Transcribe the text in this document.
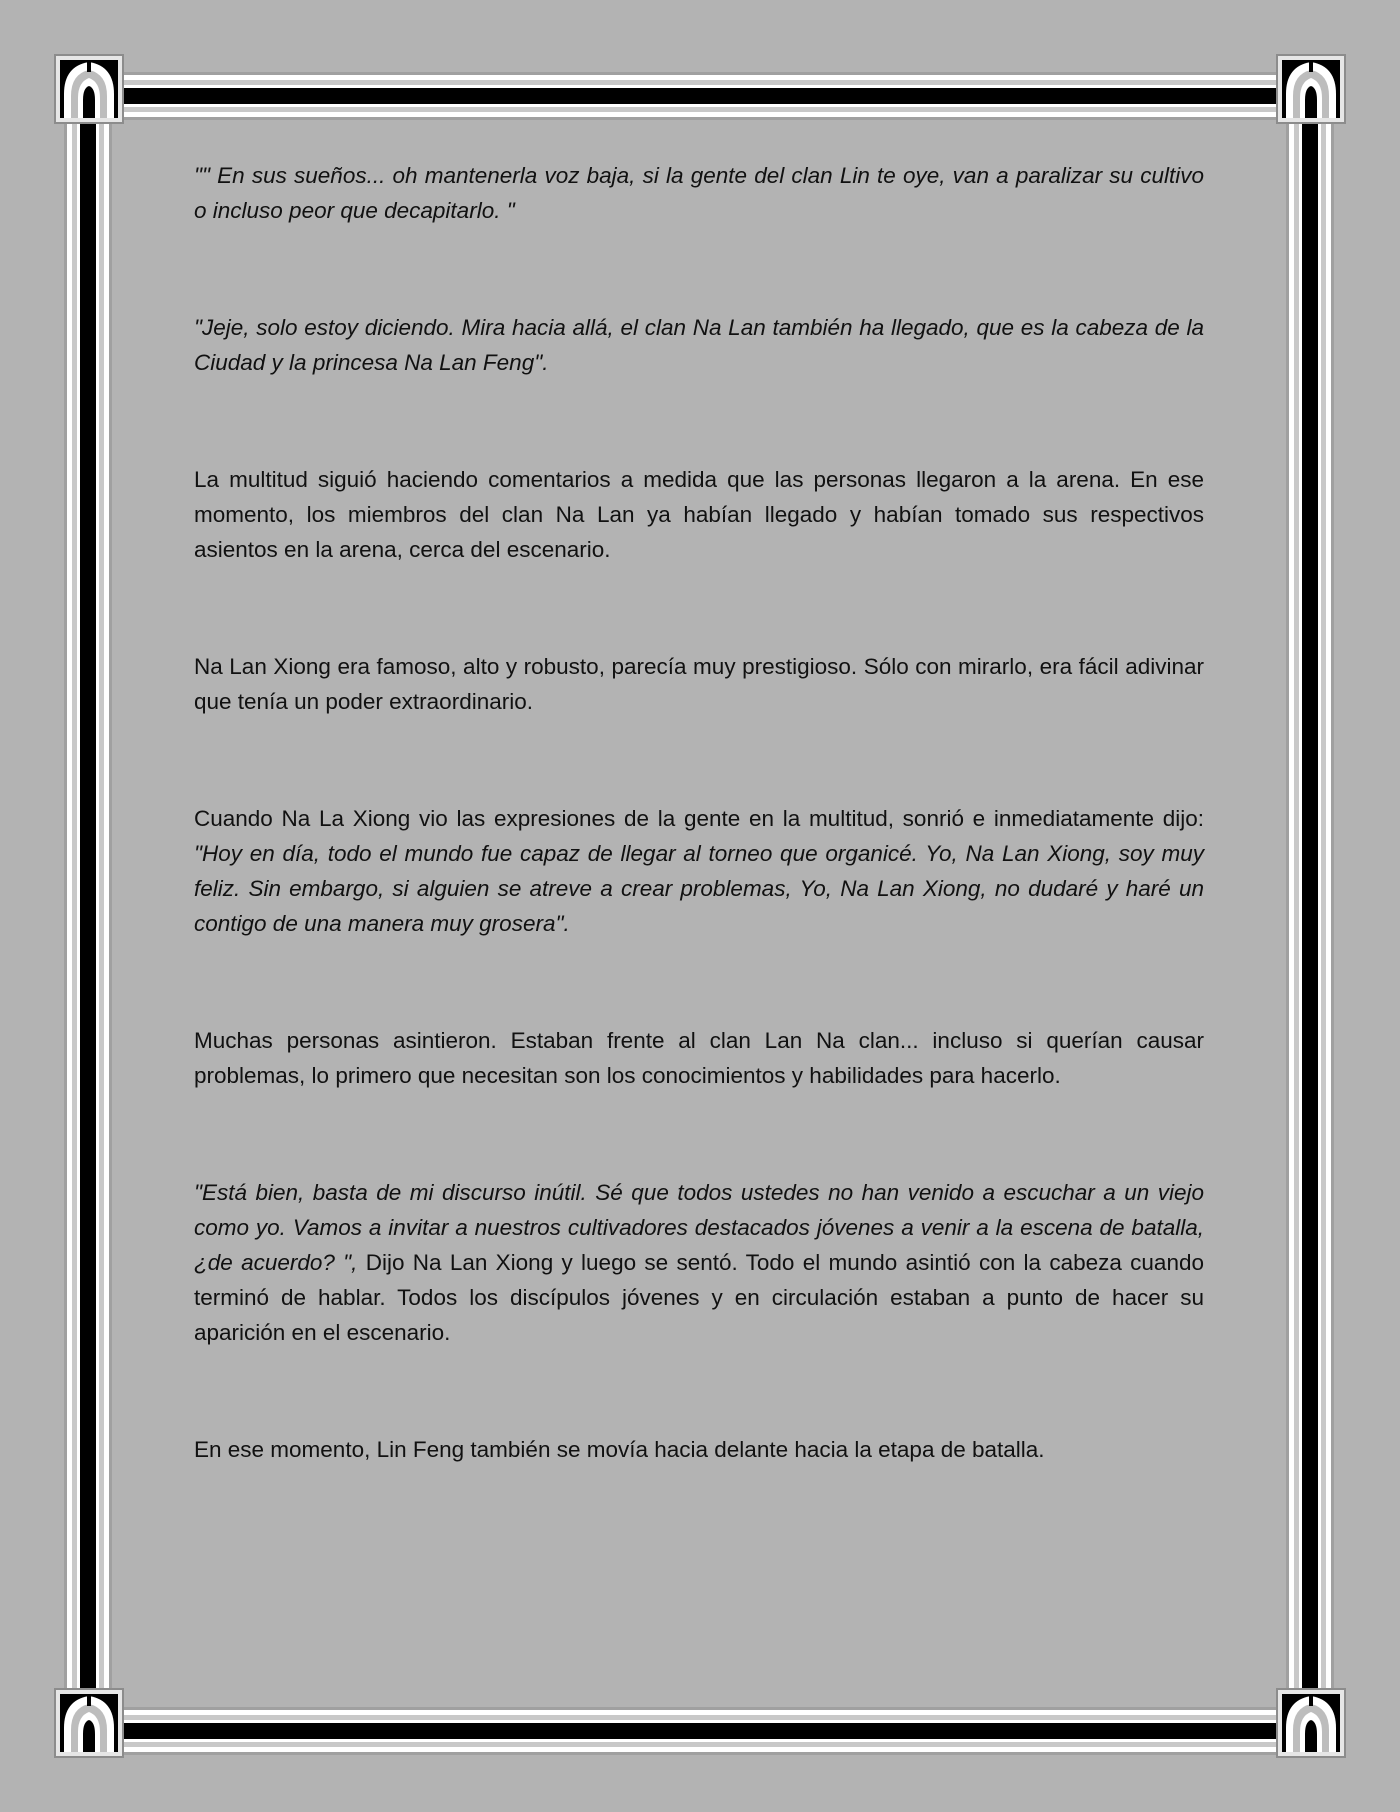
"" En sus sueños... oh mantenerla voz baja, si la gente del clan Lin te oye, van a paralizar su cultivo o incluso peor que decapitarlo. "

"Jeje, solo estoy diciendo. Mira hacia allá, el clan Na Lan también ha llegado, que es la cabeza de la Ciudad y la princesa Na Lan Feng".

La multitud siguió haciendo comentarios a medida que las personas llegaron a la arena. En ese momento, los miembros del clan Na Lan ya habían llegado y habían tomado sus respectivos asientos en la arena, cerca del escenario.

Na Lan Xiong era famoso, alto y robusto, parecía muy prestigioso. Sólo con mirarlo, era fácil adivinar que tenía un poder extraordinario.

Cuando Na La Xiong vio las expresiones de la gente en la multitud, sonrió e inmediatamente dijo: "Hoy en día, todo el mundo fue capaz de llegar al torneo que organicé. Yo, Na Lan Xiong, soy muy feliz. Sin embargo, si alguien se atreve a crear problemas, Yo, Na Lan Xiong, no dudaré y haré un contigo de una manera muy grosera".

Muchas personas asintieron. Estaban frente al clan Lan Na clan... incluso si querían causar problemas, lo primero que necesitan son los conocimientos y habilidades para hacerlo.

"Está bien, basta de mi discurso inútil. Sé que todos ustedes no han venido a escuchar a un viejo como yo. Vamos a invitar a nuestros cultivadores destacados jóvenes a venir a la escena de batalla, ¿de acuerdo? ", Dijo Na Lan Xiong y luego se sentó. Todo el mundo asintió con la cabeza cuando terminó de hablar. Todos los discípulos jóvenes y en circulación estaban a punto de hacer su aparición en el escenario.

En ese momento, Lin Feng también se movía hacia delante hacia la etapa de batalla.
